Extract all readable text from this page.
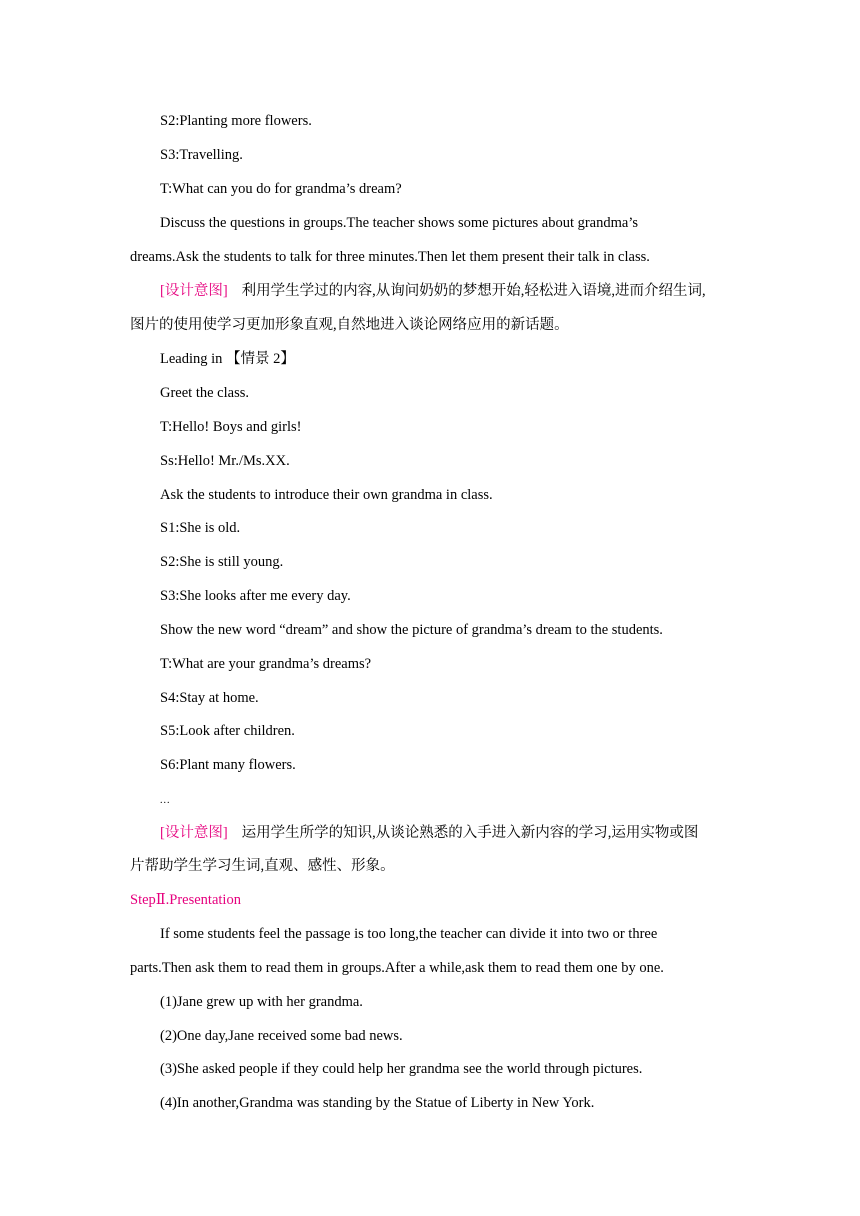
S2:Planting more flowers.
S3:Travelling.
T:What can you do for grandma’s dream?
Discuss the questions in groups.The teacher shows some pictures about grandma’s
dreams.Ask the students to talk for three minutes.Then let them present their talk in class.
[设计意图] 利用学生学过的内容,从询问奶奶的梦想开始,轻松进入语境,进而介绍生词,
图片的使用使学习更加形象直观,自然地进入谈论网络应用的新话题。
Leading in 【情景 2】
Greet the class.
T:Hello! Boys and girls!
Ss:Hello! Mr./Ms.XX.
Ask the students to introduce their own grandma in class.
S1:She is old.
S2:She is still young.
S3:She looks after me every day.
Show the new word “dream” and show the picture of grandma’s dream to the students.
T:What are your grandma’s dreams?
S4:Stay at home.
S5:Look after children.
S6:Plant many flowers.
...
[设计意图] 运用学生所学的知识,从谈论熟悉的入手进入新内容的学习,运用实物或图
片帮助学生学习生词,直观、感性、形象。
StepⅡ.Presentation
If some students feel the passage is too long,the teacher can divide it into two or three
parts.Then ask them to read them in groups.After a while,ask them to read them one by one.
(1)Jane grew up with her grandma.
(2)One day,Jane received some bad news.
(3)She asked people if they could help her grandma see the world through pictures.
(4)In another,Grandma was standing by the Statue of Liberty in New York.
